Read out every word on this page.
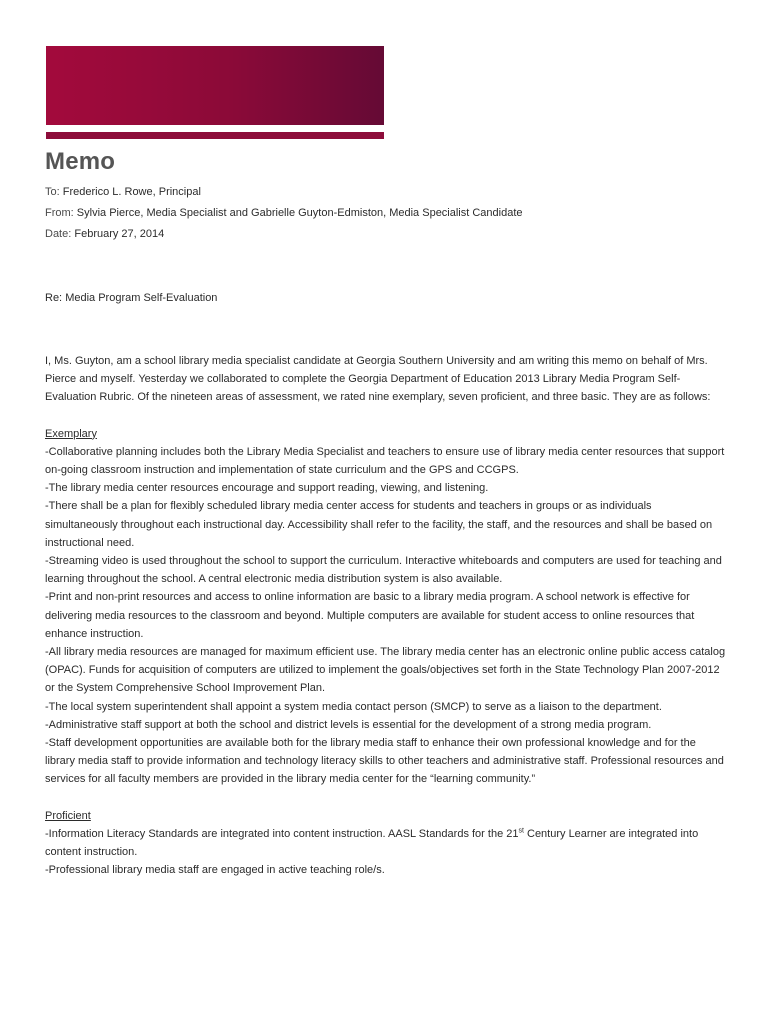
Memo
To: Frederico L. Rowe, Principal
From: Sylvia Pierce, Media Specialist and Gabrielle Guyton-Edmiston, Media Specialist Candidate
Date: February 27, 2014
Re: Media Program Self-Evaluation

I, Ms. Guyton, am a school library media specialist candidate at Georgia Southern University and am writing this memo on behalf of Mrs. Pierce and myself. Yesterday we collaborated to complete the Georgia Department of Education 2013 Library Media Program Self-Evaluation Rubric. Of the nineteen areas of assessment, we rated nine exemplary, seven proficient, and three basic. They are as follows:

Exemplary

-Collaborative planning includes both the Library Media Specialist and teachers to ensure use of library media center resources that support on-going classroom instruction and implementation of state curriculum and the GPS and CCGPS.

-The library media center resources encourage and support reading, viewing, and listening.

-There shall be a plan for flexibly scheduled library media center access for students and teachers in groups or as individuals simultaneously throughout each instructional day. Accessibility shall refer to the facility, the staff, and the resources and shall be based on instructional need.

-Streaming video is used throughout the school to support the curriculum. Interactive whiteboards and computers are used for teaching and learning throughout the school. A central electronic media distribution system is also available.

-Print and non-print resources and access to online information are basic to a library media program. A school network is effective for delivering media resources to the classroom and beyond. Multiple computers are available for student access to online resources that enhance instruction.

-All library media resources are managed for maximum efficient use. The library media center has an electronic online public access catalog (OPAC). Funds for acquisition of computers are utilized to implement the goals/objectives set forth in the State Technology Plan 2007-2012 or the System Comprehensive School Improvement Plan.

-The local system superintendent shall appoint a system media contact person (SMCP) to serve as a liaison to the department.

-Administrative staff support at both the school and district levels is essential for the development of a strong media program.

-Staff development opportunities are available both for the library media staff to enhance their own professional knowledge and for the library media staff to provide information and technology literacy skills to other teachers and administrative staff. Professional resources and services for all faculty members are provided in the library media center for the “learning community.”

Proficient

-Information Literacy Standards are integrated into content instruction. AASL Standards for the 21st Century Learner are integrated into content instruction.

-Professional library media staff are engaged in active teaching role/s.
